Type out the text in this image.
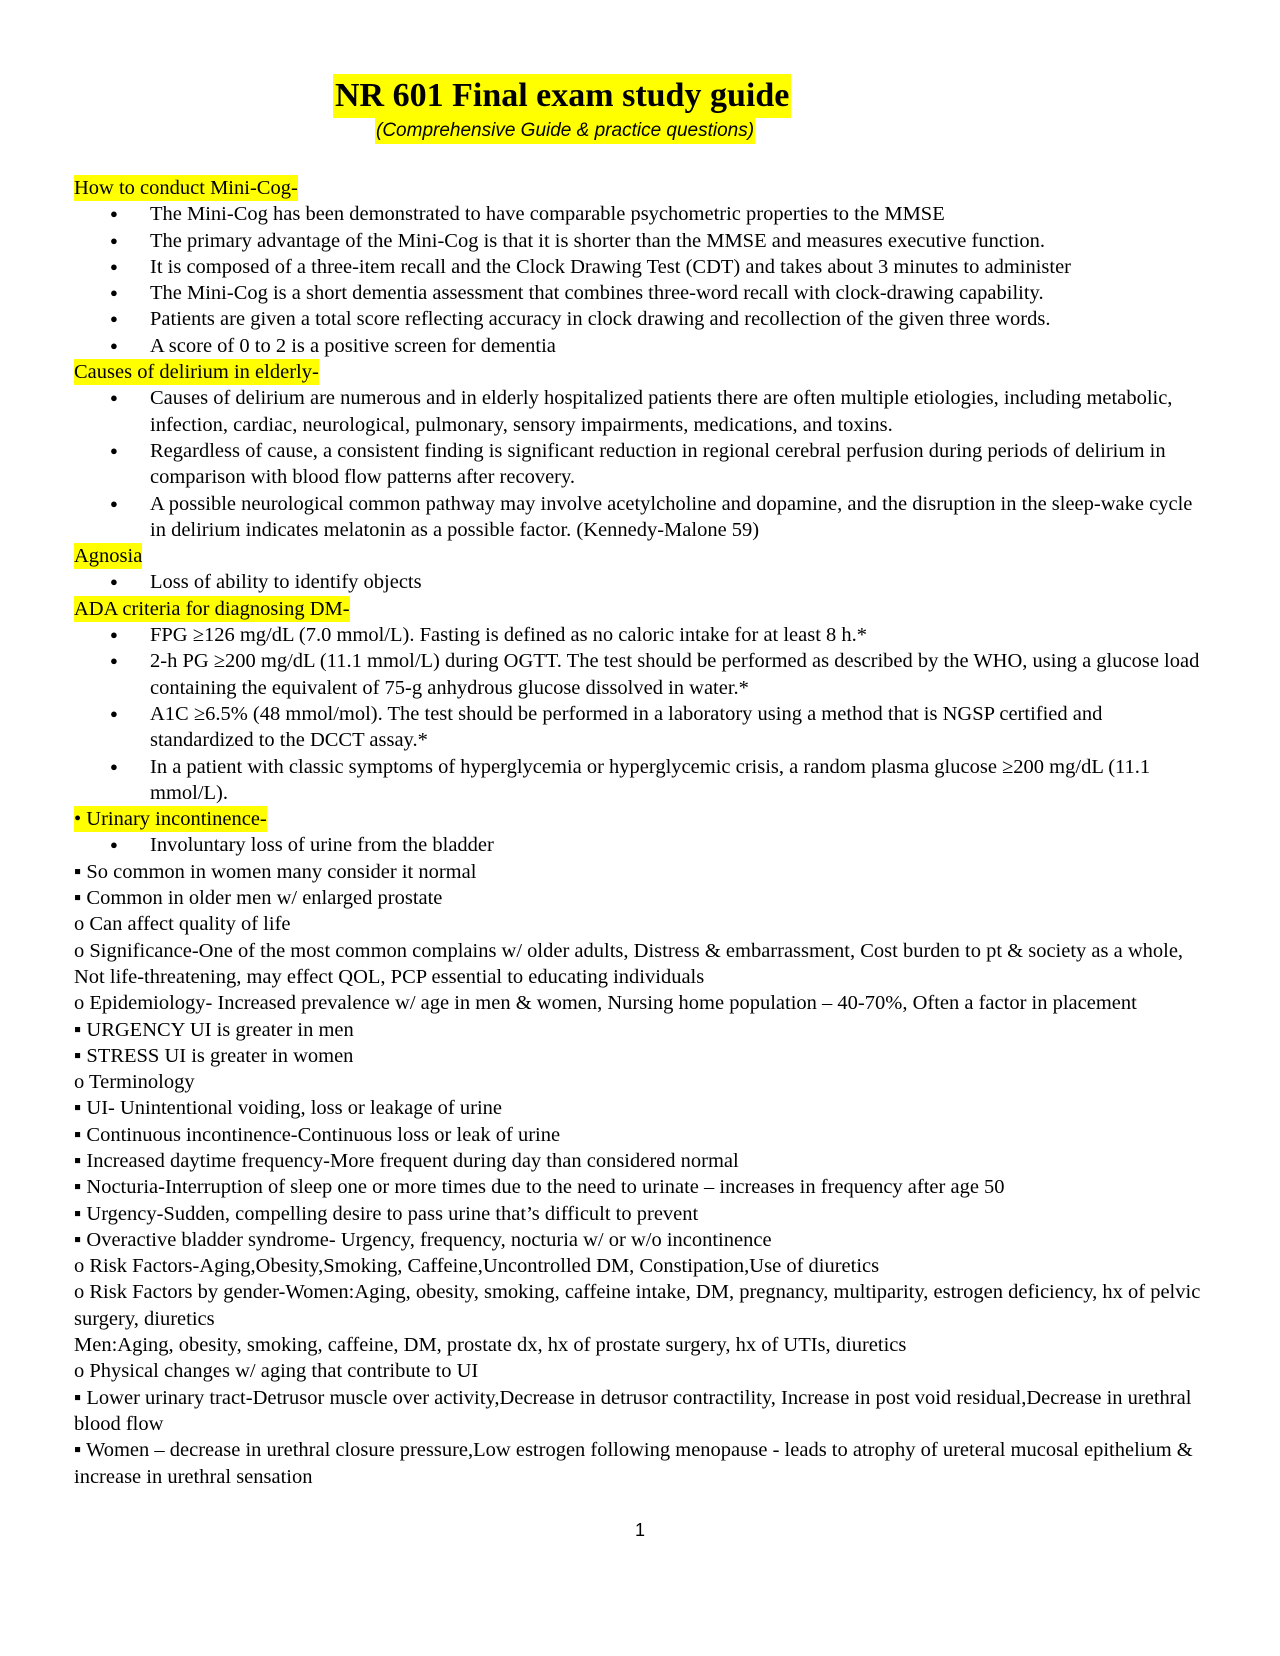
NR 601 Final exam study guide
(Comprehensive Guide & practice questions)
How to conduct Mini-Cog-
● The Mini-Cog has been demonstrated to have comparable psychometric properties to the MMSE
● The primary advantage of the Mini-Cog is that it is shorter than the MMSE and measures executive function.
● It is composed of a three-item recall and the Clock Drawing Test (CDT) and takes about 3 minutes to administer
● The Mini-Cog is a short dementia assessment that combines three-word recall with clock-drawing capability.
● Patients are given a total score reflecting accuracy in clock drawing and recollection of the given three words.
● A score of 0 to 2 is a positive screen for dementia
Causes of delirium in elderly-
● Causes of delirium are numerous and in elderly hospitalized patients there are often multiple etiologies, including metabolic, infection, cardiac, neurological, pulmonary, sensory impairments, medications, and toxins.
● Regardless of cause, a consistent finding is significant reduction in regional cerebral perfusion during periods of delirium in comparison with blood flow patterns after recovery.
● A possible neurological common pathway may involve acetylcholine and dopamine, and the disruption in the sleep-wake cycle in delirium indicates melatonin as a possible factor. (Kennedy-Malone 59)
Agnosia
● Loss of ability to identify objects
ADA criteria for diagnosing DM-
● FPG ≥126 mg/dL (7.0 mmol/L). Fasting is defined as no caloric intake for at least 8 h.*
● 2-h PG ≥200 mg/dL (11.1 mmol/L) during OGTT. The test should be performed as described by the WHO, using a glucose load containing the equivalent of 75-g anhydrous glucose dissolved in water.*
● A1C ≥6.5% (48 mmol/mol). The test should be performed in a laboratory using a method that is NGSP certified and standardized to the DCCT assay.*
● In a patient with classic symptoms of hyperglycemia or hyperglycemic crisis, a random plasma glucose ≥200 mg/dL (11.1 mmol/L).
• Urinary incontinence-
● Involuntary loss of urine from the bladder
▪ So common in women many consider it normal
▪ Common in older men w/ enlarged prostate
o Can affect quality of life
o Significance-One of the most common complains w/ older adults, Distress & embarrassment, Cost burden to pt & society as a whole, Not life-threatening, may effect QOL, PCP essential to educating individuals
o Epidemiology- Increased prevalence w/ age in men & women, Nursing home population – 40-70%, Often a factor in placement
▪ URGENCY UI is greater in men
▪ STRESS UI is greater in women
o Terminology
▪ UI- Unintentional voiding, loss or leakage of urine
▪ Continuous incontinence-Continuous loss or leak of urine
▪ Increased daytime frequency-More frequent during day than considered normal
▪ Nocturia-Interruption of sleep one or more times due to the need to urinate – increases in frequency after age 50
▪ Urgency-Sudden, compelling desire to pass urine that’s difficult to prevent
▪ Overactive bladder syndrome- Urgency, frequency, nocturia w/ or w/o incontinence
o Risk Factors-Aging,Obesity,Smoking, Caffeine,Uncontrolled DM, Constipation,Use of diuretics
o Risk Factors by gender-Women:Aging, obesity, smoking, caffeine intake, DM, pregnancy, multiparity, estrogen deficiency, hx of pelvic surgery, diuretics
Men:Aging, obesity, smoking, caffeine, DM, prostate dx, hx of prostate surgery, hx of UTIs, diuretics
o Physical changes w/ aging that contribute to UI
▪ Lower urinary tract-Detrusor muscle over activity,Decrease in detrusor contractility, Increase in post void residual,Decrease in urethral blood flow
▪ Women – decrease in urethral closure pressure,Low estrogen following menopause - leads to atrophy of ureteral mucosal epithelium & increase in urethral sensation
1
